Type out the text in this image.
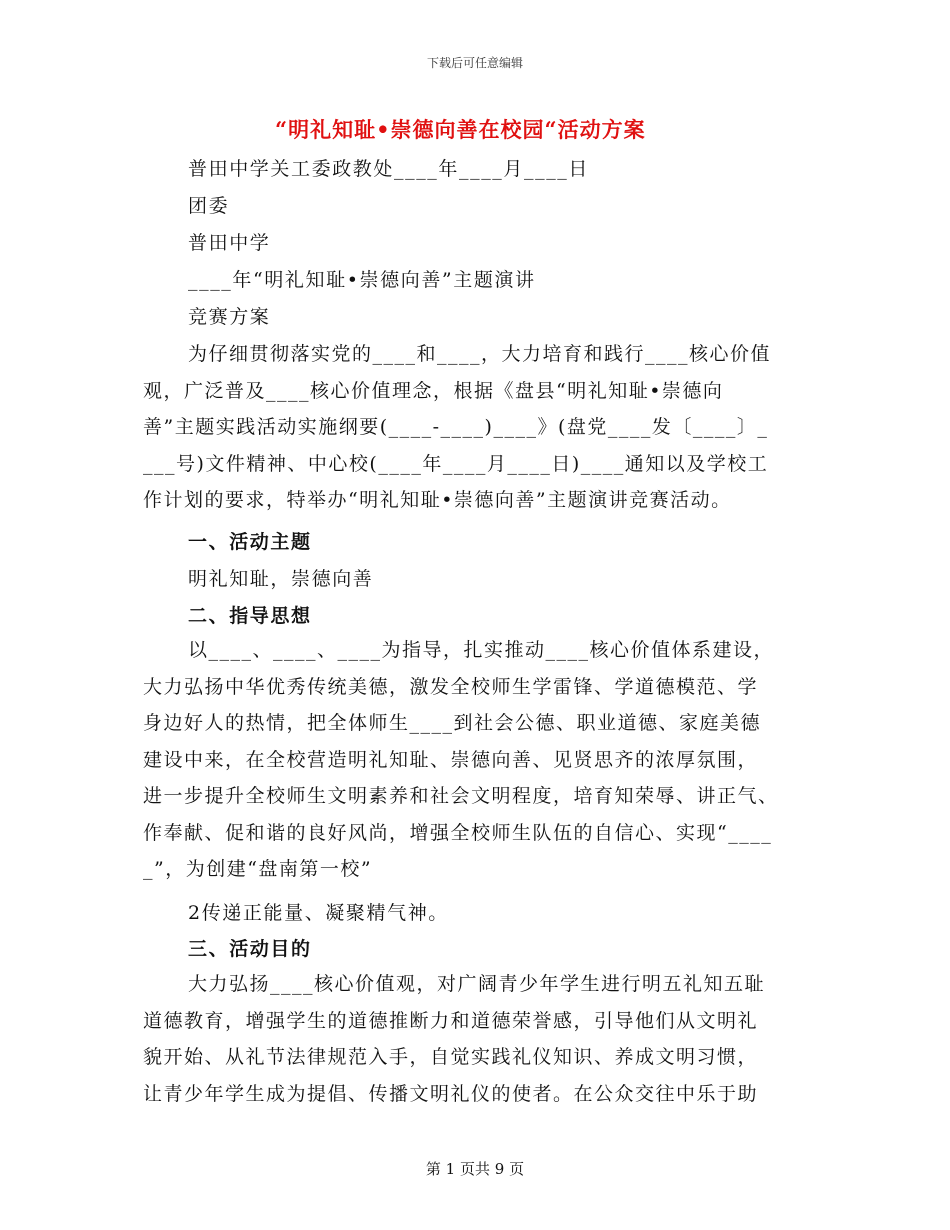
下载后可任意编辑
“明礼知耻•崇德向善在校园“活动方案
普田中学关工委政教处____年____月____日
团委
普田中学
____年“明礼知耻•崇德向善”主题演讲
竞赛方案
为仔细贯彻落实党的____和____，大力培育和践行____核心价值
观，广泛普及____核心价值理念，根据《盘县“明礼知耻•崇德向
善”主题实践活动实施纲要(____-____)____》(盘党____发〔____〕_
___号)文件精神、中心校(____年____月____日)____通知以及学校工
作计划的要求，特举办“明礼知耻•崇德向善”主题演讲竞赛活动。
一、活动主题
明礼知耻，崇德向善
二、指导思想
以____、____、____为指导，扎实推动____核心价值体系建设，
大力弘扬中华优秀传统美德，激发全校师生学雷锋、学道德模范、学
身边好人的热情，把全体师生____到社会公德、职业道德、家庭美德
建设中来，在全校营造明礼知耻、崇德向善、见贤思齐的浓厚氛围，
进一步提升全校师生文明素养和社会文明程度，培育知荣辱、讲正气、
作奉献、促和谐的良好风尚，增强全校师生队伍的自信心、实现“____
_”，为创建“盘南第一校”
2传递正能量、凝聚精气神。
三、活动目的
大力弘扬____核心价值观，对广阔青少年学生进行明五礼知五耻
道德教育，增强学生的道德推断力和道德荣誉感，引导他们从文明礼
貌开始、从礼节法律规范入手，自觉实践礼仪知识、养成文明习惯，
让青少年学生成为提倡、传播文明礼仪的使者。在公众交往中乐于助
第 1 页共 9 页
